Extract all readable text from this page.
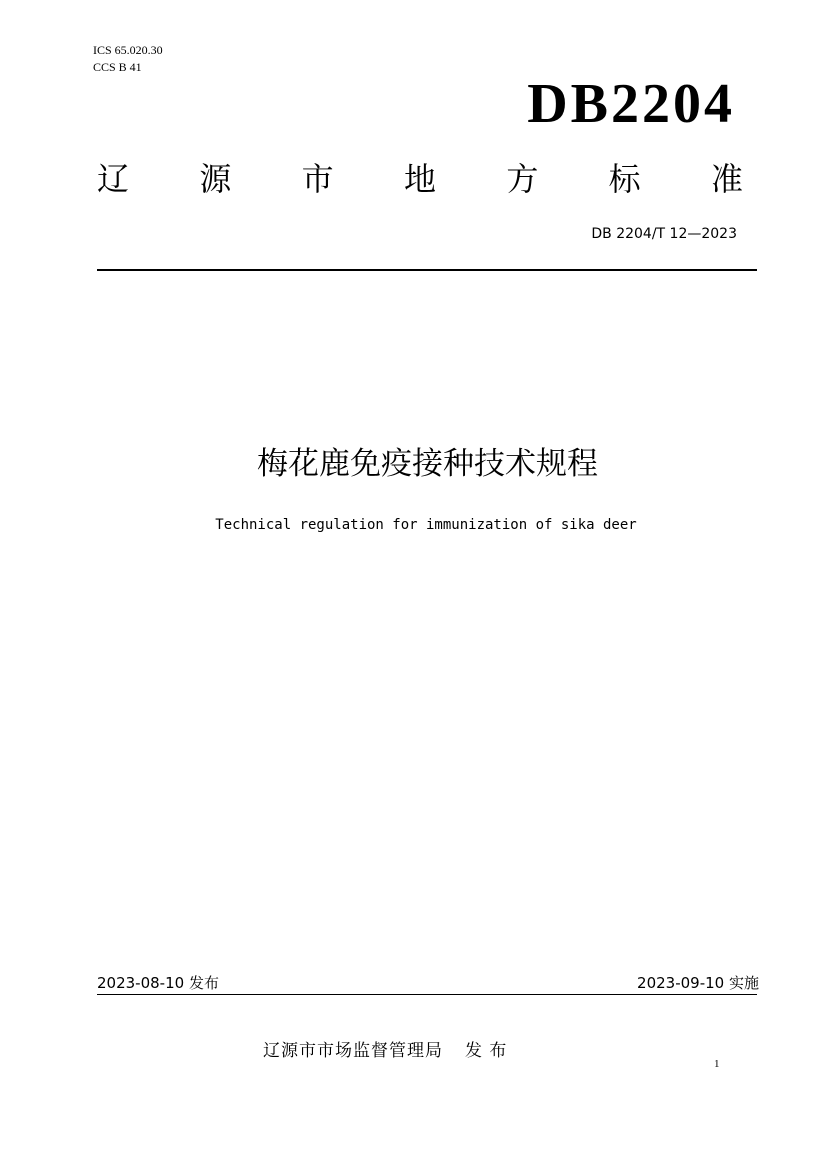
ICS 65.020.30
CCS B 41
DB2204
辽 源 市 地 方 标 准
DB 2204/T 12—2023
梅花鹿免疫接种技术规程
Technical regulation for immunization of sika deer
2023-08-10 发布	2023-09-10 实施
辽源市市场监督管理局 发 布
1
